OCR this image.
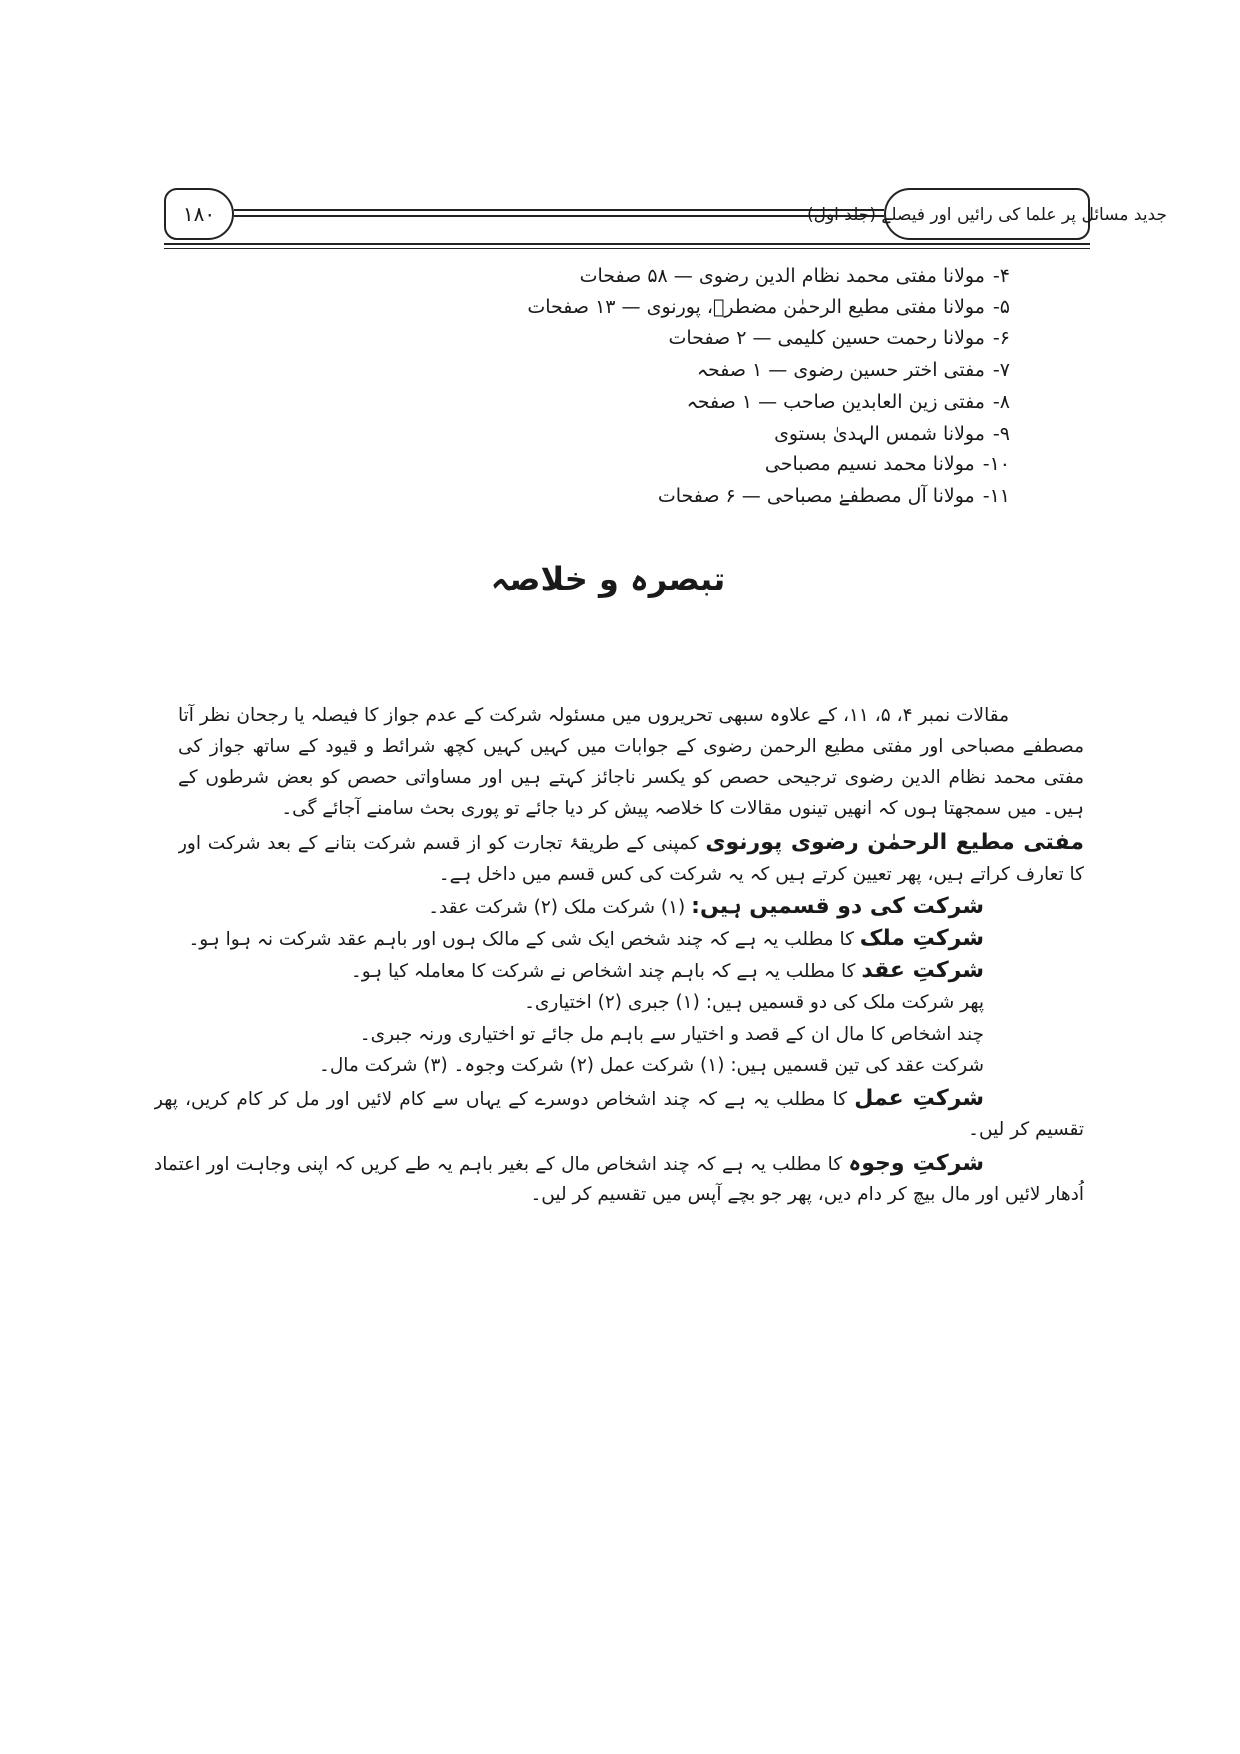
۱۸۰	جدید مسائل پر علما کی رائیں اور فیصلے (جلد اول)
۴-مولانا مفتی محمد نظام الدین رضوی — ۵۸ صفحات
۵-مولانا مفتی مطیع الرحمٰن مضطرؔ، پورنوی — ۱۳ صفحات
۶-مولانا رحمت حسین کلیمی — ۲ صفحات
۷-مفتی اختر حسین رضوی — ۱ صفحہ
۸-مفتی زین العابدین صاحب — ۱ صفحہ
۹-مولانا شمس الہدیٰ بستوی
۱۰-مولانا محمد نسیم مصباحی
۱۱-مولانا آل مصطفےٰ مصباحی — ۶ صفحات
تبصرہ و خلاصہ
مقالات نمبر ۴، ۵، ۱۱، کے علاوہ سبھی تحریروں میں مسئولہ شرکت کے عدم جواز کا فیصلہ یا رجحان نظر آتا
مصطفے مصباحی اور مفتی مطیع الرحمن رضوی کے جوابات میں کہیں کہیں کچھ شرائط و قیود کے ساتھ جواز کی
مفتی محمد نظام الدین رضوی ترجیحی حصص کو یکسر ناجائز کہتے ہیں اور مساواتی حصص کو بعض شرطوں کے
ہیں۔ میں سمجھتا ہوں کہ انھیں تینوں مقالات کا خلاصہ پیش کر دیا جائے تو پوری بحث سامنے آجائے گی۔
مفتی مطیع الرحمٰن رضوی پورنوی کمپنی کے طریقۂ تجارت کو از قسم شرکت بتانے کے بعد شرکت اور
کا تعارف کراتے ہیں، پھر تعیین کرتے ہیں کہ یہ شرکت کی کس قسم میں داخل ہے۔
شرکت کی دو قسمیں ہیں: (۱) شرکت ملک (۲) شرکت عقد۔
شرکتِ ملک کا مطلب یہ ہے کہ چند شخص ایک شی کے مالک ہوں اور باہم عقد شرکت نہ ہوا ہو۔
شرکتِ عقد کا مطلب یہ ہے کہ باہم چند اشخاص نے شرکت کا معاملہ کیا ہو۔
پھر شرکت ملک کی دو قسمیں ہیں: (۱) جبری (۲) اختیاری۔
چند اشخاص کا مال ان کے قصد و اختیار سے باہم مل جائے تو اختیاری ورنہ جبری۔
شرکت عقد کی تین قسمیں ہیں: (۱) شرکت عمل (۲) شرکت وجوہ۔ (۳) شرکت مال۔
شرکتِ عمل کا مطلب یہ ہے کہ چند اشخاص دوسرے کے یہاں سے کام لائیں اور مل کر کام کریں، پھر
تقسیم کر لیں۔
شرکتِ وجوہ کا مطلب یہ ہے کہ چند اشخاص مال کے بغیر باہم یہ طے کریں کہ اپنی وجاہت اور اعتماد
اُدھار لائیں اور مال بیچ کر دام دیں، پھر جو بچے آپس میں تقسیم کر لیں۔
